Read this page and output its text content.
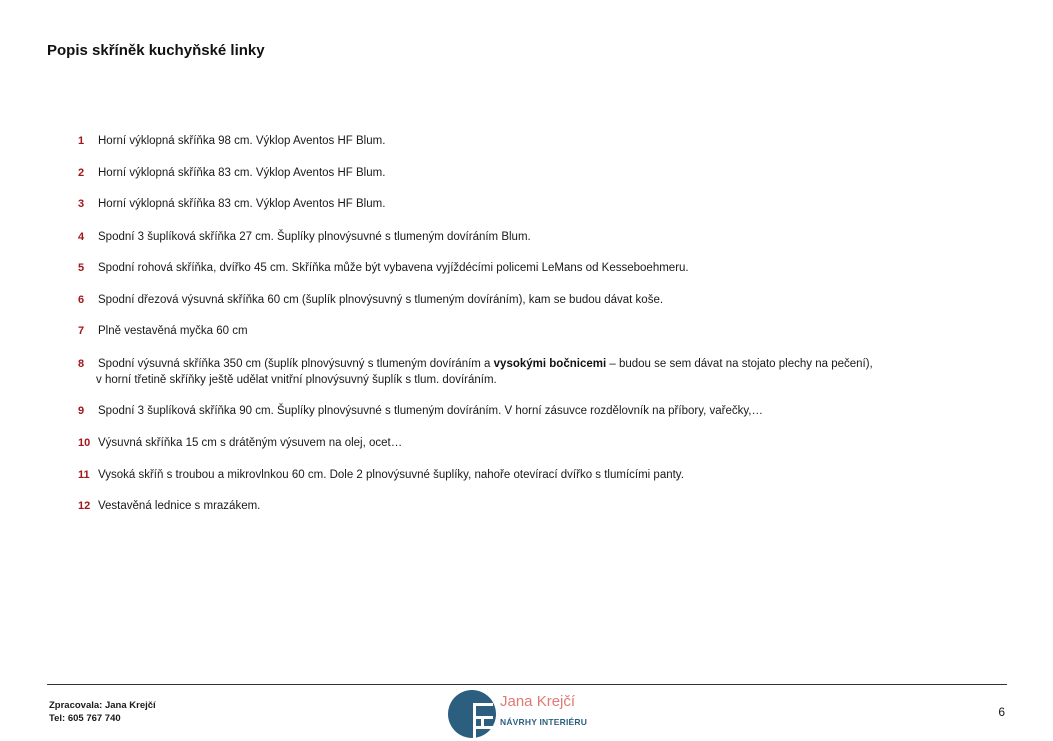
Popis skříněk kuchyňské linky
1 Horní výklopná skříňka 98 cm. Výklop Aventos HF Blum.
2 Horní výklopná skříňka 83 cm. Výklop Aventos HF Blum.
3 Horní výklopná skříňka 83 cm. Výklop Aventos HF Blum.
4 Spodní 3 šuplíková skříňka 27 cm. Šuplíky plnovýsuvné s tlumeným dovíráním Blum.
5 Spodní rohová skříňka, dvířko 45 cm. Skříňka může být vybavena vyjíždécími policemi LeMans od Kesseboehmeru.
6 Spodní dřezová výsuvná skříňka 60 cm (šuplík plnovýsuvný s tlumeným dovíráním), kam se budou dávat koše.
7 Plně vestavěná myčka 60 cm
8 Spodní výsuvná skříňka 350 cm (šuplík plnovýsuvný s tlumeným dovíráním a vysokými bočnicemi – budou se sem dávat na stojato plechy na pečení),
v horní třetině skříňky ještě udělat vnitřní plnovýsuvný šuplík s tlum. dovíráním.
9 Spodní 3 šuplíková skříňka 90 cm. Šuplíky plnovýsuvné s tlumeným dovíráním. V horní zásuvce rozdělovník na příbory, vařečky,…
10 Výsuvná skříňka 15 cm s drátěným výsuvem na olej, ocet…
11 Vysoká skříň s troubou a mikrovlnkou 60 cm. Dole 2 plnovýsuvné šuplíky, nahoře otevírací dvířko s tlumícími panty.
12 Vestavěná lednice s mrazákem.
Zpracovala: Jana Krejčí
Tel: 605 767 740
Jana Krejčí
NÁVRHY INTERIÉRU
6
